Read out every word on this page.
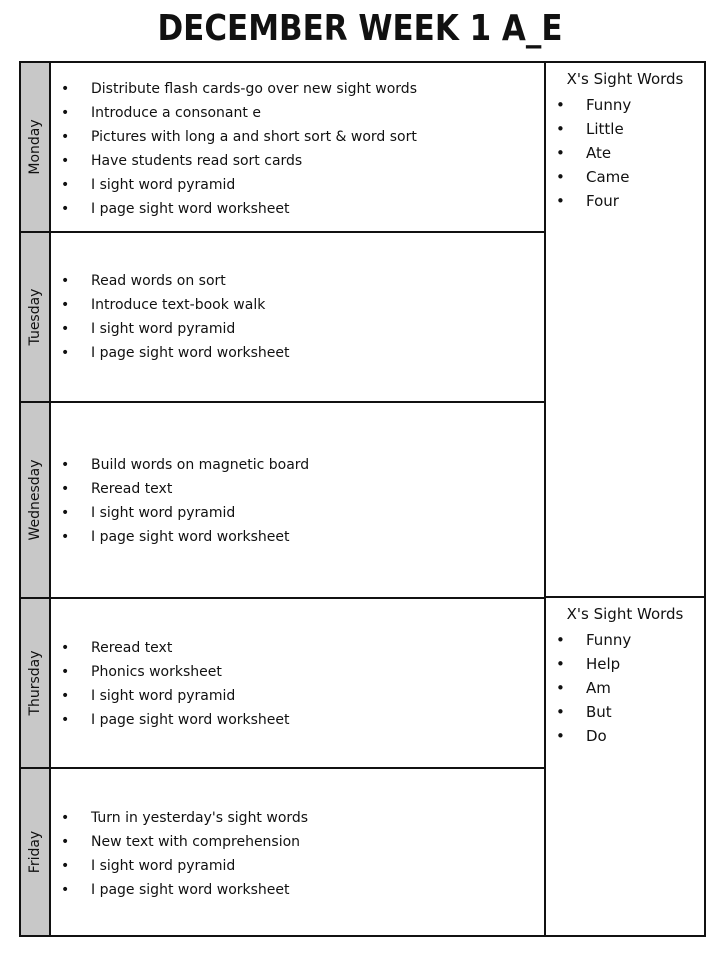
DECEMBER WEEK 1 A_E
Monday
• Distribute flash cards-go over new sight words
• Introduce a consonant e
• Pictures with long a and short sort & word sort
• Have students read sort cards
• I sight word pyramid
• I page sight word worksheet
Tuesday
• Read words on sort
• Introduce text-book walk
• I sight word pyramid
• I page sight word worksheet
Wednesday
•	Build words on magnetic board
• Reread text
• I sight word pyramid
• I page sight word worksheet
Thursday
• Reread text
• Phonics worksheet
• I sight word pyramid
• I page sight word worksheet
Friday
• Turn in yesterday's sight words
• New text with comprehension
• I sight word pyramid
• I page sight word worksheet
X's Sight Words
• Funny
• Little
• Ate
• Came
• Four
X's Sight Words
• Funny
• Help
• Am
• But
• Do
